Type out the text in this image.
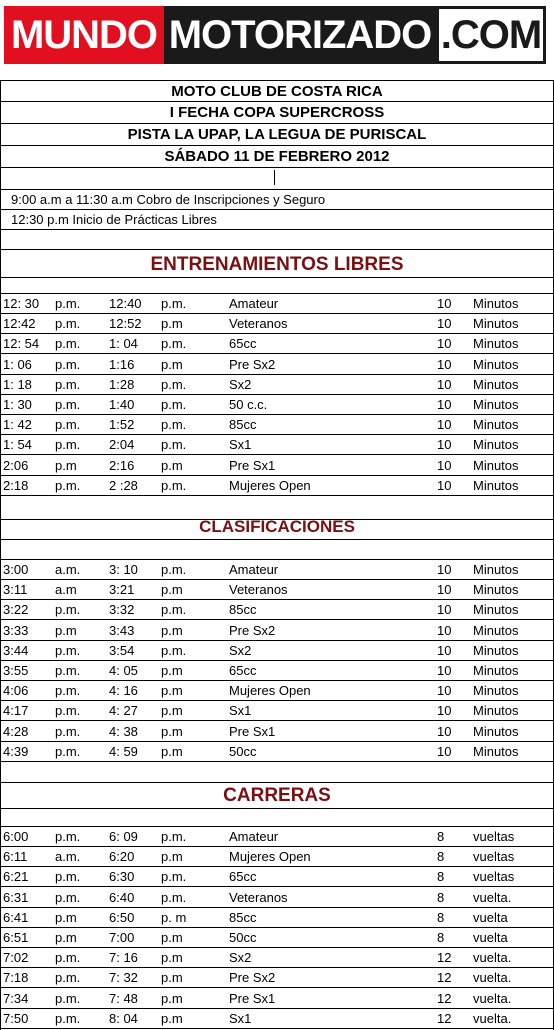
MUNDO MOTORIZADO .COM
MOTO CLUB DE COSTA RICA
I FECHA COPA SUPERCROSS
PISTA LA UPAP, LA LEGUA DE PURISCAL
SÁBADO 11 DE FEBRERO 2012
9:00 a.m a 11:30 a.m Cobro de Inscripciones y Seguro
12:30 p.m Inicio de Prácticas Libres
ENTRENAMIENTOS LIBRES
12: 30 p.m. 12:40 p.m.	Amateur	10 Minutos
12:42 p.m. 12:52 p.m	Veteranos	10 Minutos
12: 54 p.m. 1: 04 p.m.	65cc	10 Minutos
1: 06 p.m. 1:16 p.m	Pre Sx2	10 Minutos
1: 18 p.m. 1:28 p.m.	Sx2	10 Minutos
1: 30 p.m. 1:40 p.m.	50 c.c.	10 Minutos
1: 42 p.m. 1:52 p.m.	85cc	10 Minutos
1: 54 p.m. 2:04 p.m.	Sx1	10 Minutos
2:06 p.m 2:16 p.m	Pre Sx1	10 Minutos
2:18 p.m. 2 :28 p.m.	Mujeres Open	10 Minutos
CLASIFICACIONES
3:00 a.m. 3: 10 p.m.	Amateur	10 Minutos
3:11 a.m 3:21 p.m	Veteranos	10 Minutos
3:22 p.m. 3:32 p.m.	85cc	10 Minutos
3:33 p.m 3:43 p.m	Pre Sx2	10 Minutos
3:44 p.m. 3:54 p.m.	Sx2	10 Minutos
3:55 p.m. 4: 05 p.m	65cc	10 Minutos
4:06 p.m. 4: 16 p.m	Mujeres Open	10 Minutos
4:17 p.m. 4: 27 p.m	Sx1	10 Minutos
4:28 p.m. 4: 38 p.m	Pre Sx1	10 Minutos
4:39 p.m. 4: 59 p.m	50cc	10 Minutos
CARRERAS
6:00 p.m. 6: 09 p.m.	Amateur	8 vueltas
6:11 a.m. 6:20 p.m	Mujeres Open	8 vueltas
6:21 p.m. 6:30 p.m.	65cc	8 vueltas
6:31 p.m. 6:40 p.m.	Veteranos	8 vuelta.
6:41 p.m 6:50 p. m	85cc	8 vuelta
6:51 p.m 7:00 p.m	50cc	8 vuelta
7:02 p.m. 7: 16 p.m	Sx2	12 vuelta.
7:18 p.m. 7: 32 p.m	Pre Sx2	12 vuelta.
7:34 p.m. 7: 48 p.m	Pre Sx1	12 vuelta.
7:50 p.m. 8: 04 p.m	Sx1	12 vuelta.
